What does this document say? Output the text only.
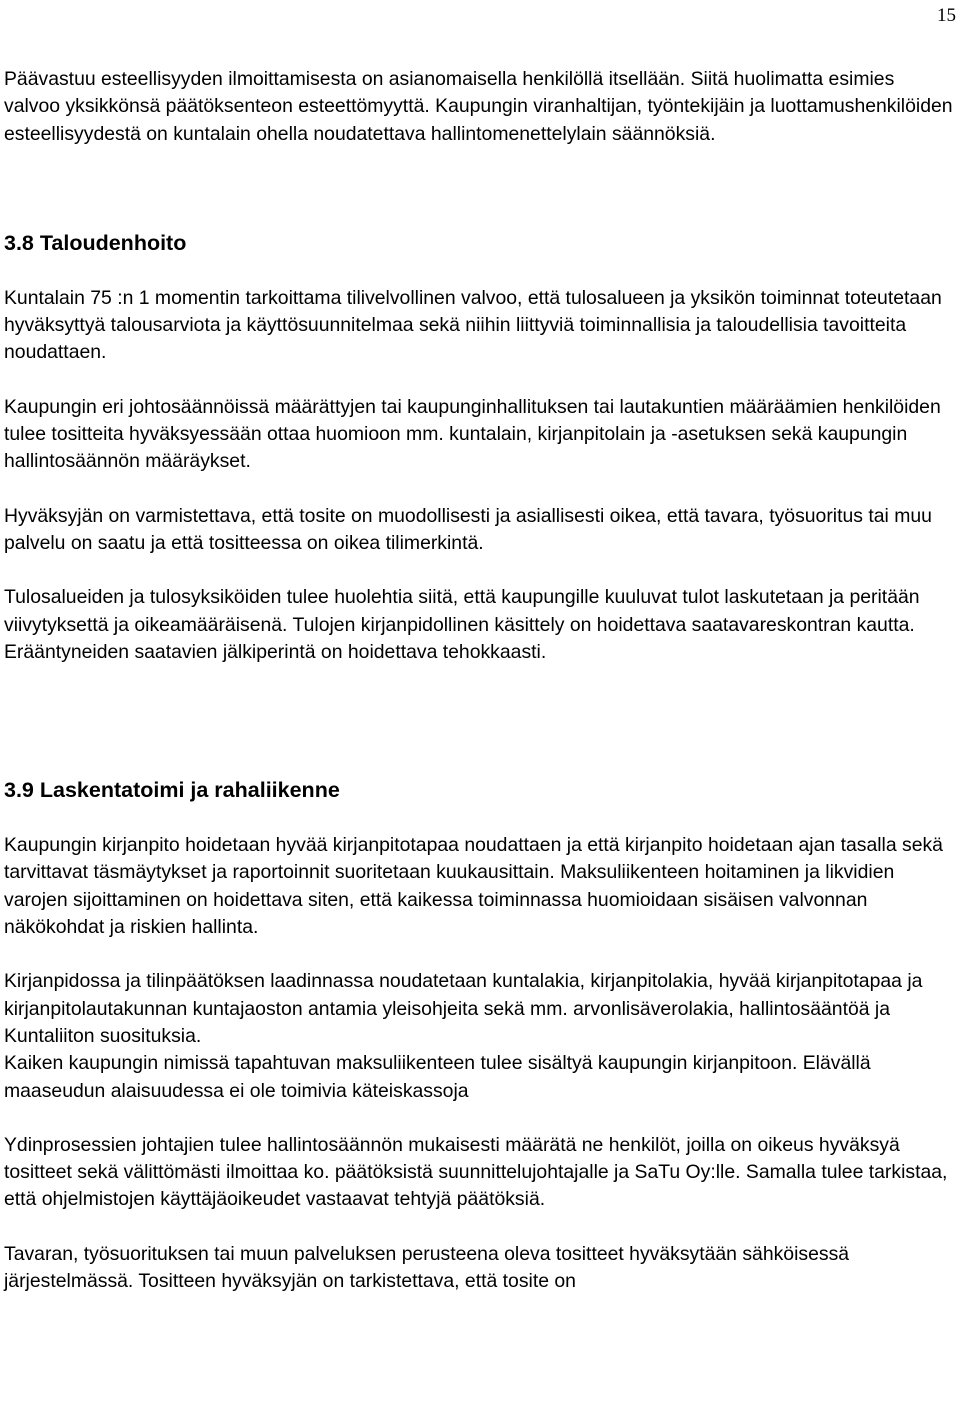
15

Päävastuu esteellisyyden ilmoittamisesta on asianomaisella henkilöllä itsellään. Siitä huolimatta esimies valvoo yksikkönsä päätöksenteon esteettömyyttä. Kaupungin viranhaltijan, työntekijäin ja luottamushenkilöiden esteellisyydestä on kuntalain ohella noudatettava hallintomenettelylain säännöksiä.

3.8 Taloudenhoito

Kuntalain 75 :n 1 momentin tarkoittama tilivelvollinen valvoo, että tulosalueen ja yksikön toiminnat toteutetaan hyväksyttyä talousarviota ja käyttösuunnitelmaa sekä niihin liittyviä toiminnallisia ja taloudellisia tavoitteita noudattaen.

Kaupungin eri johtosäännöissä määrättyjen tai kaupunginhallituksen tai lautakuntien määräämien henkilöiden tulee tositteita hyväksyessään ottaa huomioon mm. kuntalain, kirjanpitolain ja -asetuksen sekä kaupungin hallintosäännön määräykset.

Hyväksyjän on varmistettava, että tosite on muodollisesti ja asiallisesti oikea, että tavara, työsuoritus tai muu palvelu on saatu ja että tositteessa on oikea tilimerkintä.

Tulosalueiden ja tulosyksiköiden tulee huolehtia siitä, että kaupungille kuuluvat tulot laskutetaan ja peritään viivytyksettä ja oikeamääräisenä. Tulojen kirjanpidollinen käsittely on hoidettava saatavareskontran kautta. Erääntyneiden saatavien jälkiperintä on hoidettava tehokkaasti.

3.9 Laskentatoimi ja rahaliikenne

Kaupungin kirjanpito hoidetaan hyvää kirjanpitotapaa noudattaen ja että kirjanpito hoidetaan ajan tasalla sekä tarvittavat täsmäytykset ja raportoinnit suoritetaan kuukausittain. Maksuliikenteen hoitaminen ja likvidien varojen sijoittaminen on hoidettava siten, että kaikessa toiminnassa huomioidaan sisäisen valvonnan näkökohdat ja riskien hallinta.

Kirjanpidossa ja tilinpäätöksen laadinnassa noudatetaan kuntalakia, kirjanpitolakia, hyvää kirjanpitotapaa ja kirjanpitolautakunnan kuntajaoston antamia yleisohjeita sekä mm. arvonlisäverolakia, hallintosääntöä ja Kuntaliiton suosituksia.

Kaiken kaupungin nimissä tapahtuvan maksuliikenteen tulee sisältyä kaupungin kirjanpitoon. Elävällä maaseudun alaisuudessa ei ole toimivia käteiskassoja

Ydinprosessien johtajien tulee hallintosäännön mukaisesti määrätä ne henkilöt, joilla on oikeus hyväksyä tositteet sekä välittömästi ilmoittaa ko. päätöksistä suunnittelujohtajalle ja SaTu Oy:lle. Samalla tulee tarkistaa, että ohjelmistojen käyttäjäoikeudet vastaavat tehtyjä päätöksiä.

Tavaran, työsuorituksen tai muun palveluksen perusteena oleva tositteet hyväksytään sähköisessä järjestelmässä. Tositteen hyväksyjän on tarkistettava, että tosite on
